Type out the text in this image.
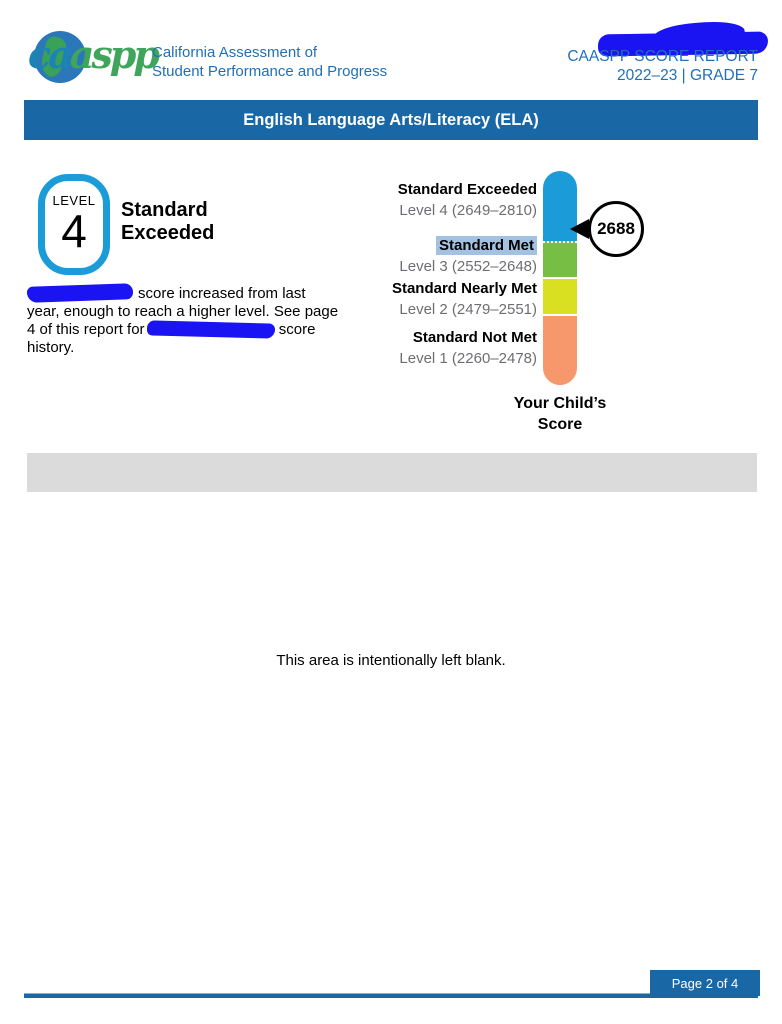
caaspp
California Assessment of
Student Performance and Progress
CAASPP SCORE REPORT
2022–23 | GRADE 7
English Language Arts/Literacy (ELA)
LEVEL
4 Standard
Exceeded
score increased from last year, enough to reach a higher level. See page 4 of this report for	score history.
Standard Exceeded
Level 4 (2649–2810)
Standard Met
Level 3 (2552–2648)
Standard Nearly Met
Level 2 (2479–2551)
Standard Not Met
Level 1 (2260–2478)
2688
Your Child’s
Score
This area is intentionally left blank.
Page 2 of 4
